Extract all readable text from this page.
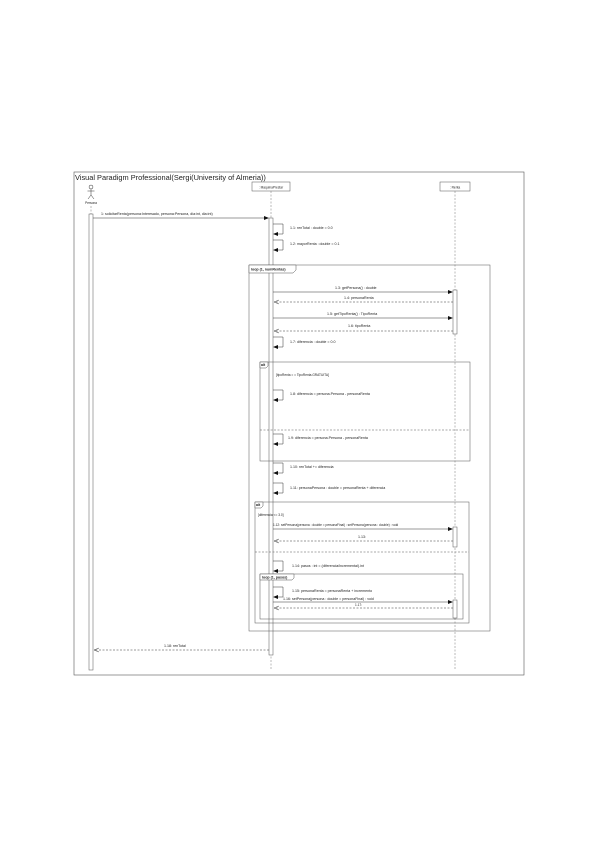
Visual Paradigm Professional(Sergi(University of Almeria))
Persona
: MaquinaPrestar	: Renta
loop (1, numRentas)
alt
[tipoRenta = = TipoRenta.GRATUITA]
alt
[diferencia <= 3.0]
loop (1, pasos)
1: solicitarRenta(persona:Interesado, persona:Persona, dia:int, dia:int)
1.1: renTotal : double = 0.0
1.2: mayorRenta : double = 0.1
1.3: getPersona() : double
1.4: personaRenta
1.5: getTipoRenta() : TipoRenta
1.6: tipoRenta
1.7: diferencia : double = 0.0
1.8: diferencia = persona.Persona - personaRenta
1.9: diferencia = persona.Persona - personaRenta
1.10: renTotal += diferencia
1.11: personaPersona : double = personaRenta + diferencia
1.12: setPersona(persona : double = personaFinal) : setPersona(persona : double) : void
1.13:
1.14: pasos : int = (diferencia/incremental).int
1.15: personaRenta = personaRenta + incremento
1.16: setPersona(persona : double = personaFinal) : void
1.17:
1.18: renTotal
